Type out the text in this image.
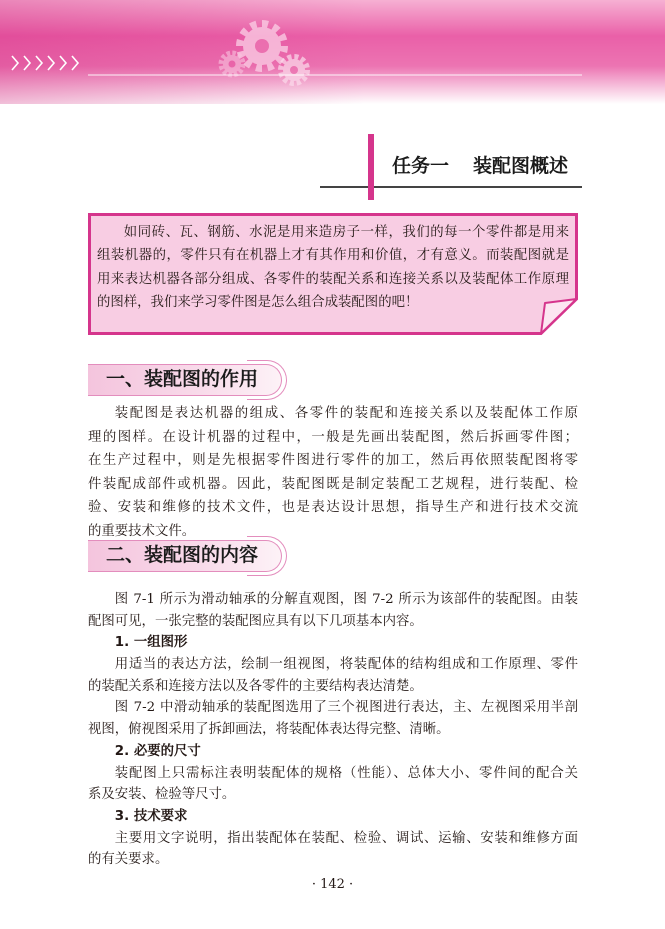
任务一 装配图概述
如同砖、瓦、钢筋、水泥是用来造房子一样，我们的每一个零件都是用来
组装机器的，零件只有在机器上才有其作用和价值，才有意义。而装配图就是
用来表达机器各部分组成、各零件的装配关系和连接关系以及装配体工作原理
的图样，我们来学习零件图是怎么组合成装配图的吧！
一、装配图的作用
装配图是表达机器的组成、各零件的装配和连接关系以及装配体工作原
理的图样。在设计机器的过程中，一般是先画出装配图，然后拆画零件图；
在生产过程中，则是先根据零件图进行零件的加工，然后再依照装配图将零
件装配成部件或机器。因此，装配图既是制定装配工艺规程，进行装配、检
验、安装和维修的技术文件，也是表达设计思想，指导生产和进行技术交流
的重要技术文件。
二、装配图的内容
图 7-1 所示为滑动轴承的分解直观图，图 7-2 所示为该部件的装配图。由装
配图可见，一张完整的装配图应具有以下几项基本内容。
1. 一组图形
用适当的表达方法，绘制一组视图，将装配体的结构组成和工作原理、零件
的装配关系和连接方法以及各零件的主要结构表达清楚。
图 7-2 中滑动轴承的装配图选用了三个视图进行表达，主、左视图采用半剖
视图，俯视图采用了拆卸画法，将装配体表达得完整、清晰。
2. 必要的尺寸
装配图上只需标注表明装配体的规格（性能）、总体大小、零件间的配合关
系及安装、检验等尺寸。
3. 技术要求
主要用文字说明，指出装配体在装配、检验、调试、运输、安装和维修方面
的有关要求。
· 142 ·
